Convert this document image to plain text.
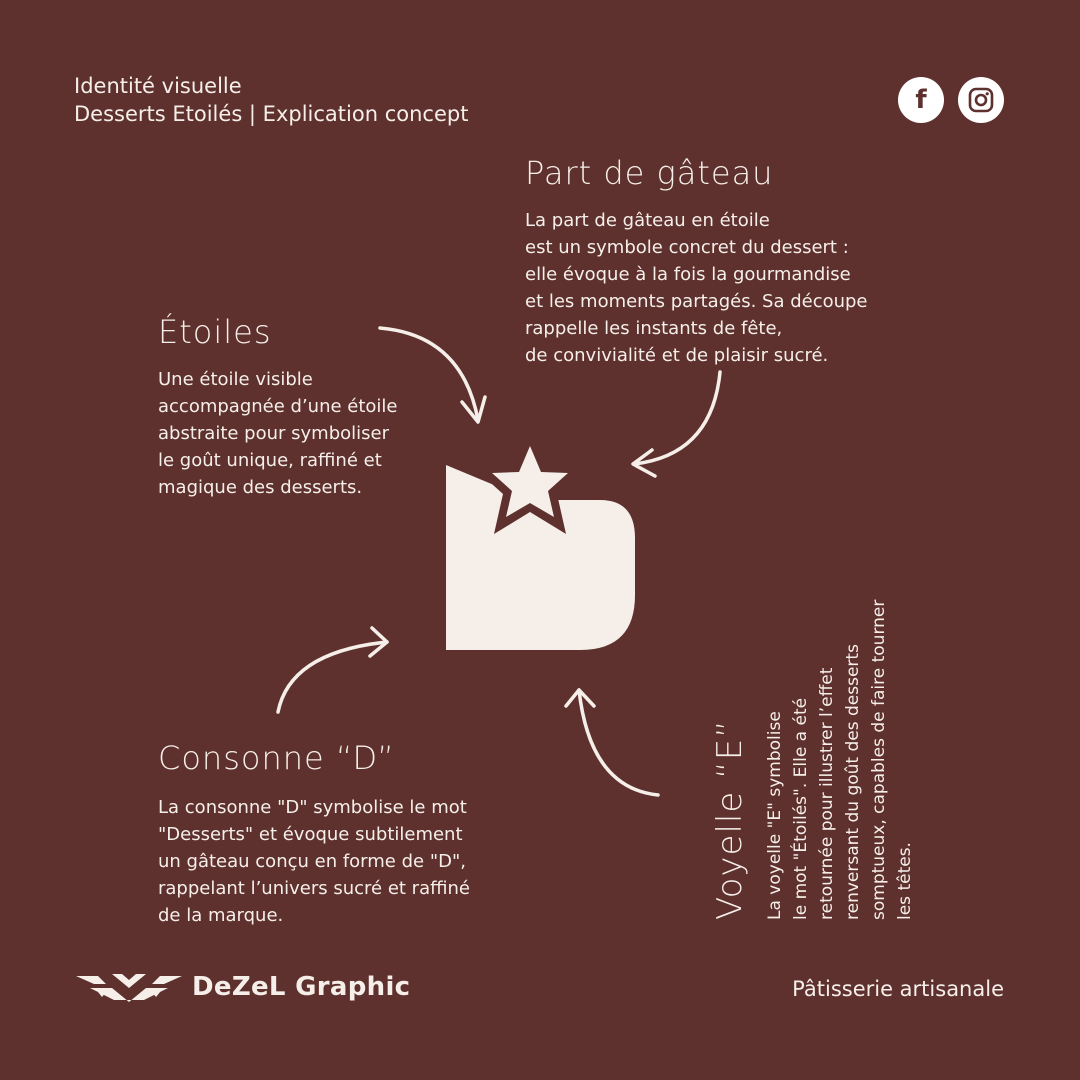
Identité visuelle
Desserts Etoilés | Explication concept	f
Part de gâteau
La part de gâteau en étoile
est un symbole concret du dessert :
elle évoque à la fois la gourmandise
et les moments partagés. Sa découpe
rappelle les instants de fête,
de convivialité et de plaisir sucré.
Étoiles
Une étoile visible
accompagnée d’une étoile
abstraite pour symboliser
le goût unique, raffiné et
magique des desserts.
Consonne “D”
La consonne "D" symbolise le mot
"Desserts" et évoque subtilement
un gâteau conçu en forme de "D",
rappelant l’univers sucré et raffiné
de la marque.	Voyelle “E” La voyelle "E" symbolise le mot "Étoilés". Elle a été retournée pour illustrer l’effet renversant du goût des desserts somptueux, capables de faire tourner les têtes.
DeZeL Graphic	Pâtisserie artisanale
